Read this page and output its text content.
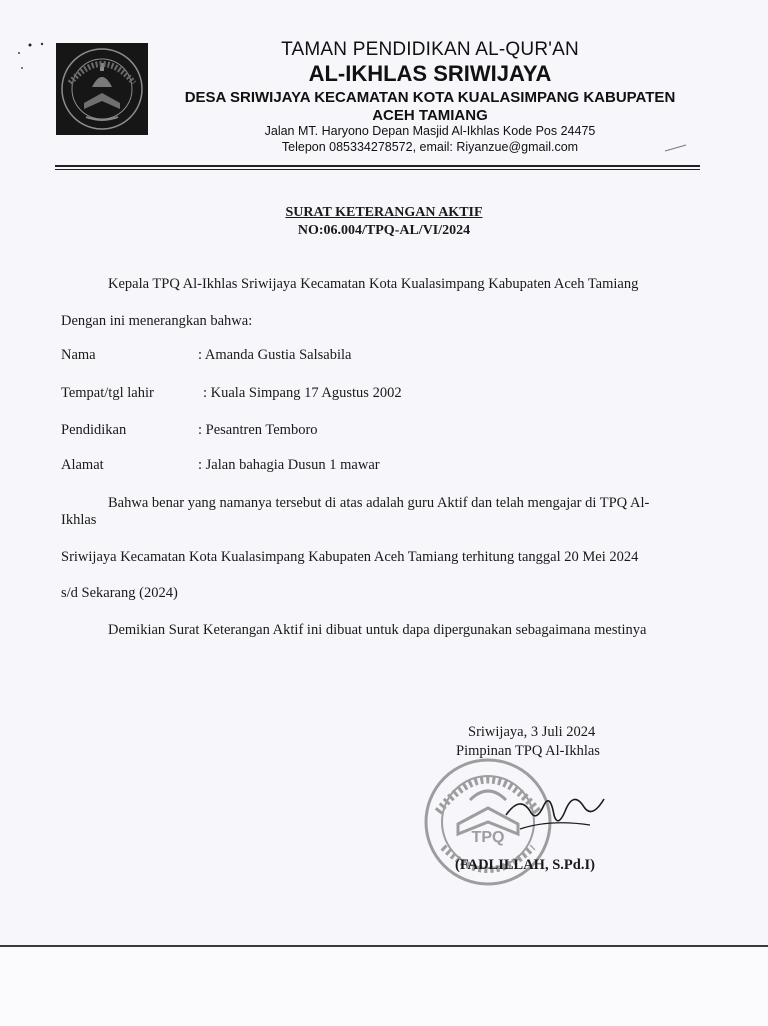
TAMAN PENDIDIKAN AL-QUR'AN
AL-IKHLAS SRIWIJAYA
DESA SRIWIJAYA KECAMATAN KOTA KUALASIMPANG KABUPATEN
ACEH TAMIANG
Jalan MT. Haryono Depan Masjid Al-Ikhlas Kode Pos 24475
Telepon 085334278572, email: Riyanzue@gmail.com
SURAT KETERANGAN AKTIF
NO:06.004/TPQ-AL/VI/2024
Kepala TPQ Al-Ikhlas Sriwijaya Kecamatan Kota Kualasimpang Kabupaten Aceh Tamiang
Dengan ini menerangkan bahwa:
Nama	: Amanda Gustia Salsabila
Tempat/tgl lahir	: Kuala Simpang 17 Agustus 2002
Pendidikan	: Pesantren Temboro
Alamat	: Jalan bahagia Dusun 1 mawar
Bahwa benar yang namanya tersebut di atas adalah guru Aktif dan telah mengajar di TPQ Al-
Ikhlas
Sriwijaya Kecamatan Kota Kualasimpang Kabupaten Aceh Tamiang terhitung tanggal 20 Mei 2024
s/d Sekarang (2024)
Demikian Surat Keterangan Aktif ini dibuat untuk dapa dipergunakan sebagaimana mestinya
TPQ
Sriwijaya, 3 Juli 2024
Pimpinan TPQ Al-Ikhlas
(FADLILLAH, S.Pd.I)
